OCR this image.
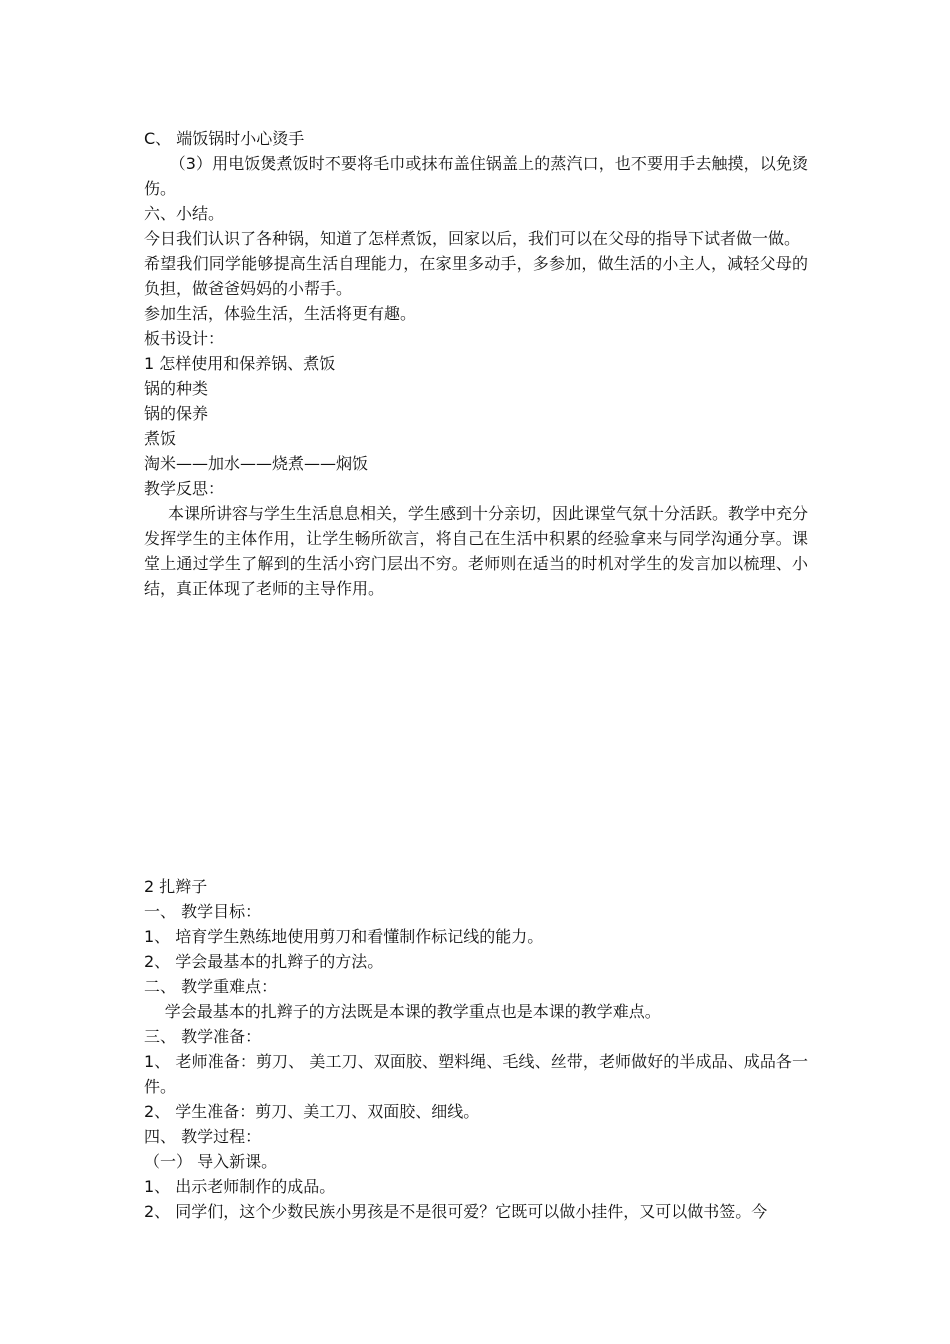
C、 端饭锅时小心烫手
（3）用电饭煲煮饭时不要将毛巾或抹布盖住锅盖上的蒸汽口，也不要用手去触摸，以免烫伤。
六、小结。
今日我们认识了各种锅，知道了怎样煮饭，回家以后，我们可以在父母的指导下试者做一做。
希望我们同学能够提高生活自理能力，在家里多动手，多参加，做生活的小主人，减轻父母的负担，做爸爸妈妈的小帮手。
参加生活，体验生活，生活将更有趣。
板书设计：
1 怎样使用和保养锅、煮饭
锅的种类
锅的保养
煮饭
淘米——加水——烧煮——焖饭
教学反思：
本课所讲容与学生生活息息相关，学生感到十分亲切，因此课堂气氛十分活跃。教学中充分发挥学生的主体作用，让学生畅所欲言，将自己在生活中积累的经验拿来与同学沟通分享。课堂上通过学生了解到的生活小窍门层出不穷。老师则在适当的时机对学生的发言加以梳理、小结，真正体现了老师的主导作用。
2 扎辫子
一、 教学目标：
1、 培育学生熟练地使用剪刀和看懂制作标记线的能力。
2、 学会最基本的扎辫子的方法。
二、 教学重难点：
学会最基本的扎辫子的方法既是本课的教学重点也是本课的教学难点。
三、 教学准备：
1、 老师准备：剪刀、 美工刀、双面胶、塑料绳、毛线、丝带，老师做好的半成品、成品各一件。
2、 学生准备：剪刀、美工刀、双面胶、细线。
四、 教学过程：
（一） 导入新课。
1、 出示老师制作的成品。
2、 同学们，这个少数民族小男孩是不是很可爱？它既可以做小挂件，又可以做书签。今
